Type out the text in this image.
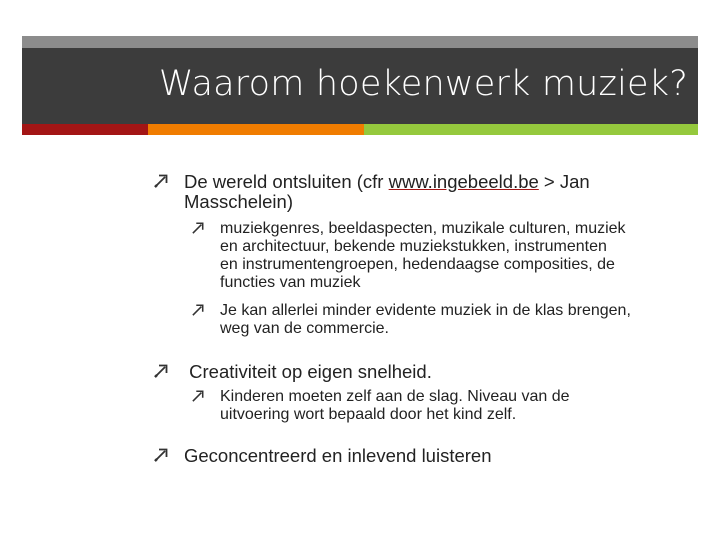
Waarom hoekenwerk muziek?
De wereld ontsluiten (cfr www.ingebeeld.be > Jan
Masschelein)
muziekgenres, beeldaspecten, muzikale culturen, muziek
en architectuur, bekende muziekstukken, instrumenten
en instrumentengroepen, hedendaagse composities, de
functies van muziek
Je kan allerlei minder evidente muziek in de klas brengen,
weg van de commercie.
Creativiteit op eigen snelheid.
Kinderen moeten zelf aan de slag. Niveau van de
uitvoering wort bepaald door het kind zelf.
Geconcentreerd en inlevend luisteren
